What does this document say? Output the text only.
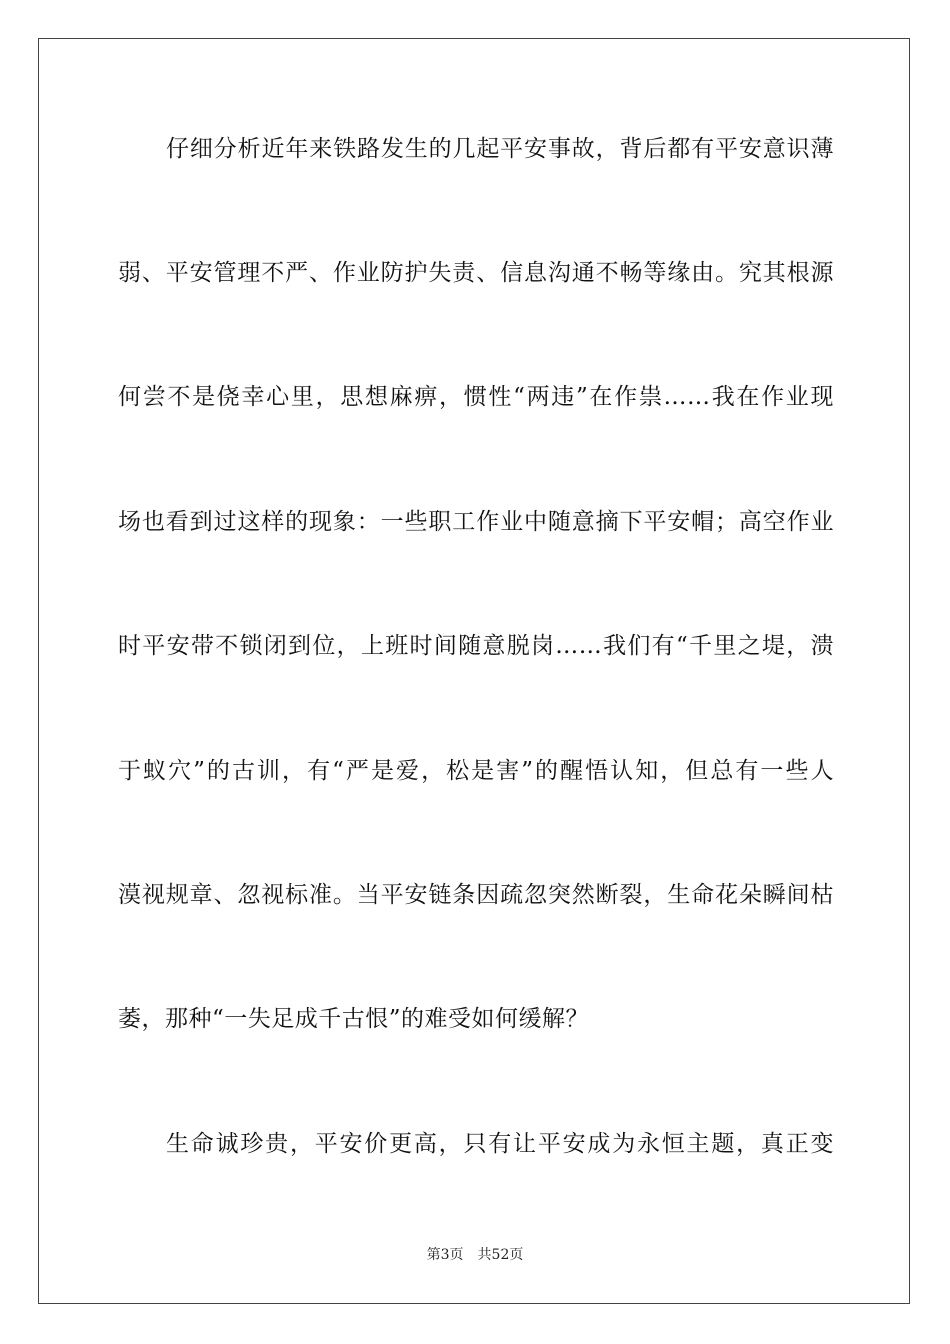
仔细分析近年来铁路发生的几起平安事故，背后都有平安意识薄
弱、平安管理不严、作业防护失责、信息沟通不畅等缘由。究其根源
何尝不是侥幸心里，思想麻痹，惯性“两违”在作祟……我在作业现
场也看到过这样的现象：一些职工作业中随意摘下平安帽；高空作业
时平安带不锁闭到位，上班时间随意脱岗……我们有“千里之堤，溃
于蚁穴”的古训，有“严是爱，松是害”的醒悟认知，但总有一些人
漠视规章、忽视标准。当平安链条因疏忽突然断裂，生命花朵瞬间枯
萎，那种“一失足成千古恨”的难受如何缓解？
生命诚珍贵，平安价更高，只有让平安成为永恒主题，真正变
第3页 共52页
